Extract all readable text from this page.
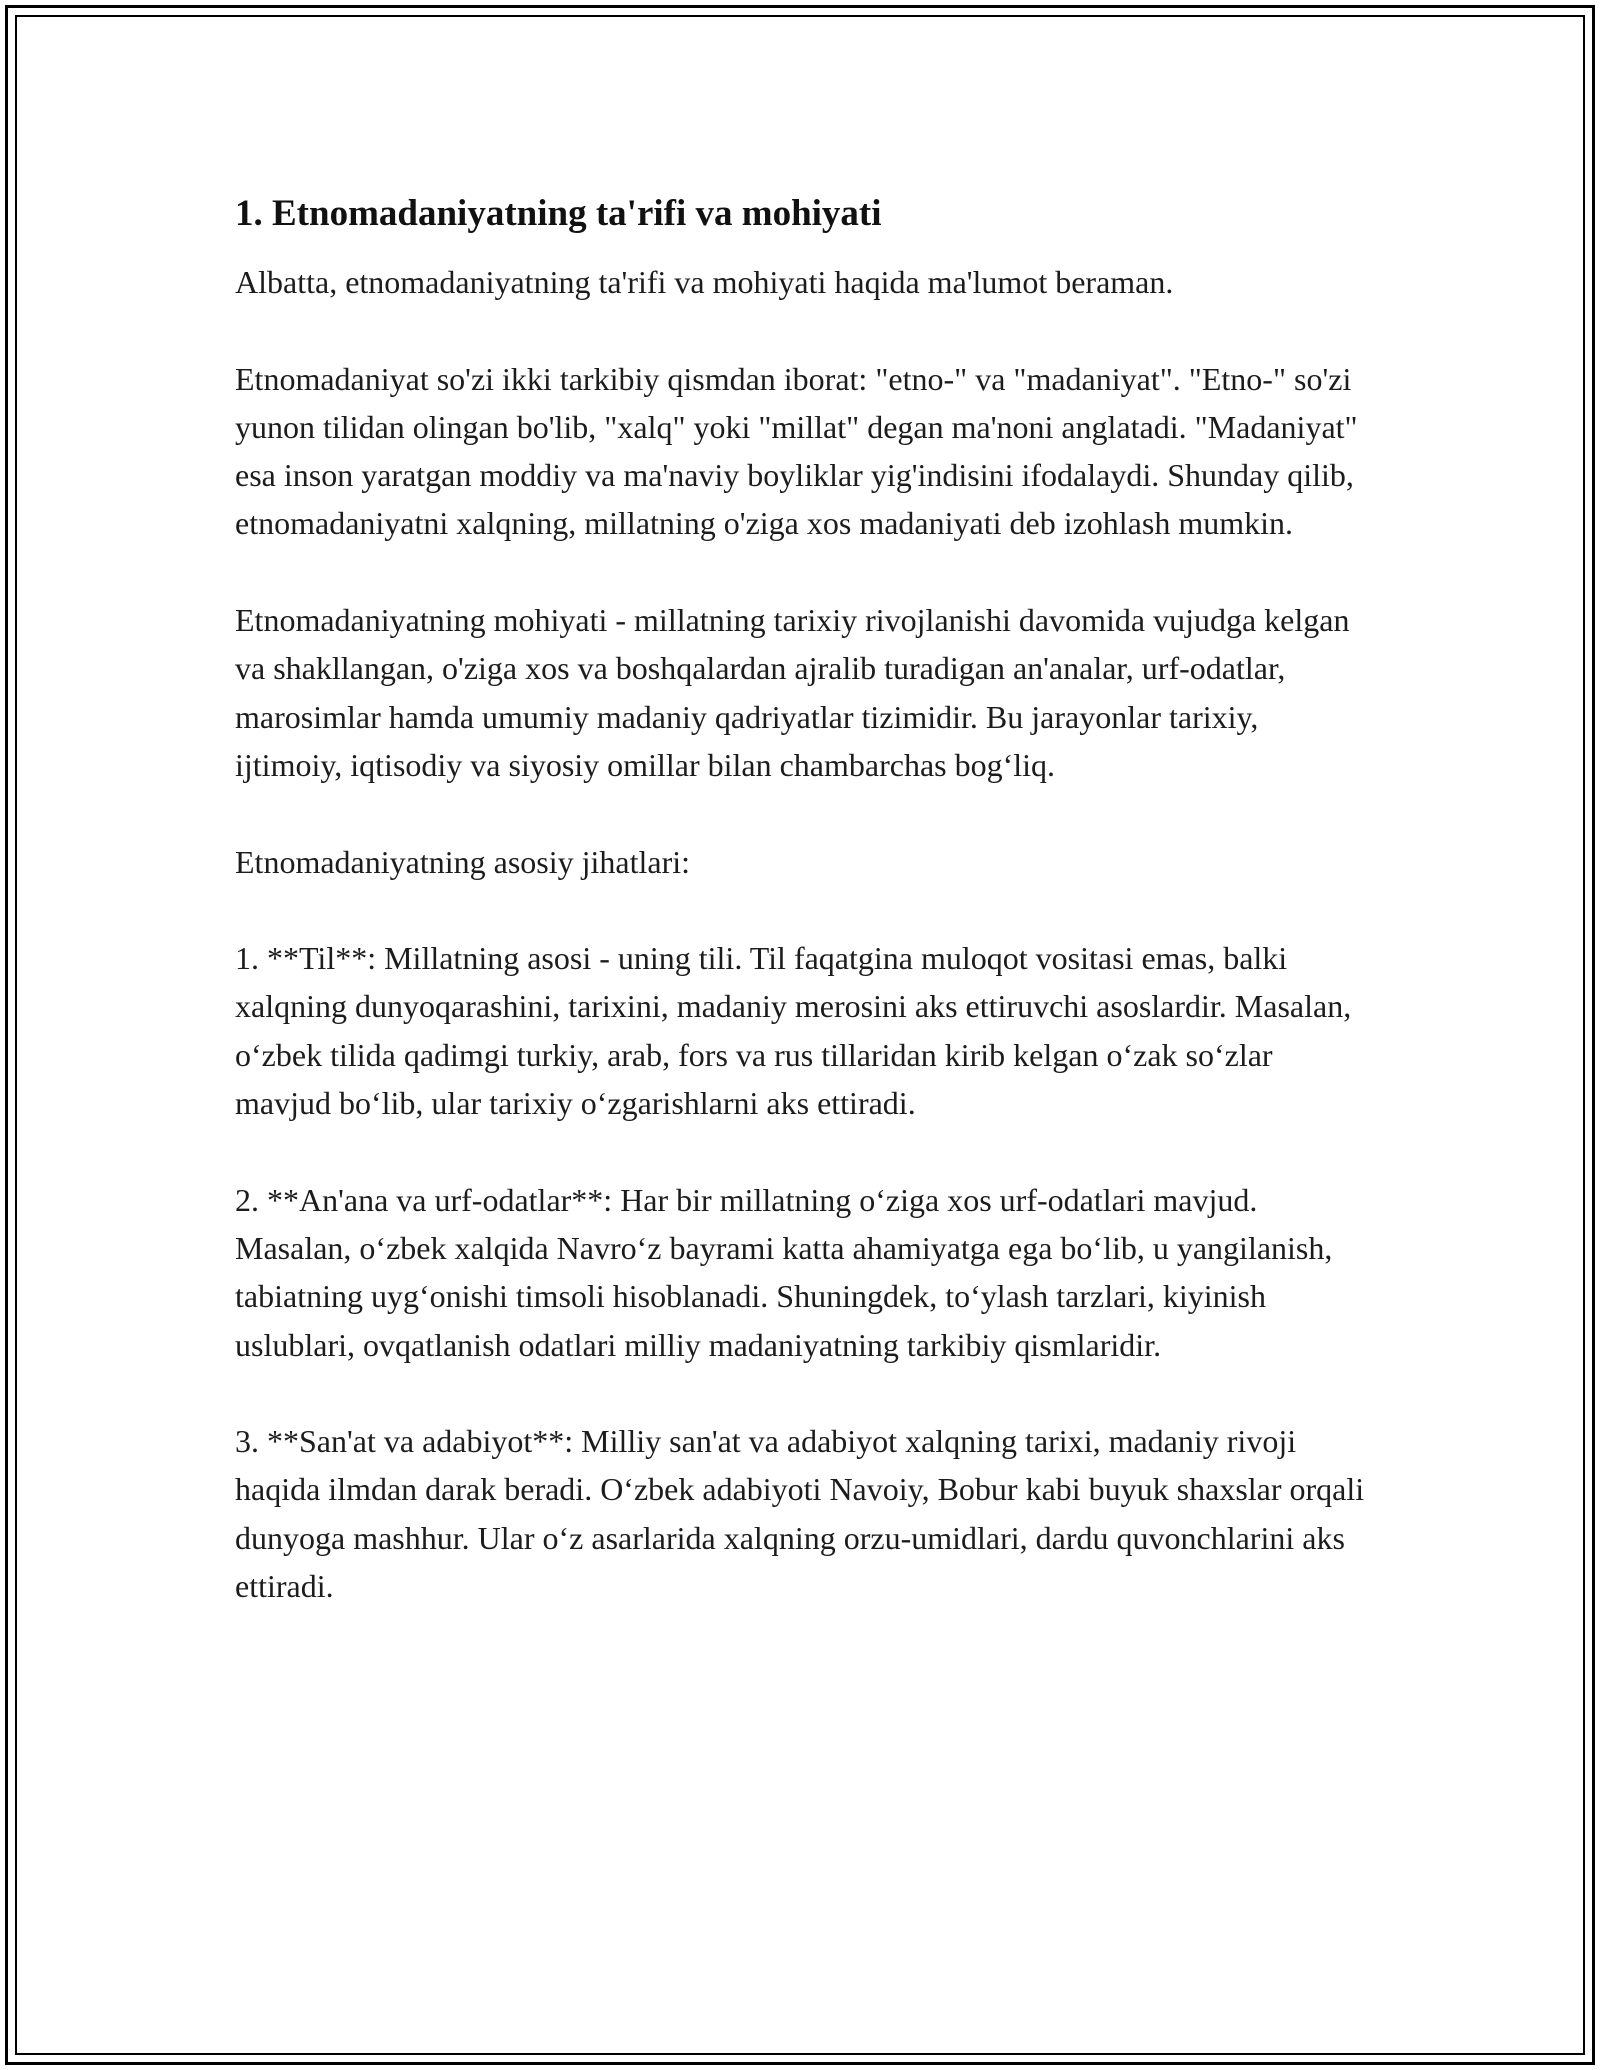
1. Etnomadaniyatning ta'rifi va mohiyati

Albatta, etnomadaniyatning ta'rifi va mohiyati haqida ma'lumot beraman.

Etnomadaniyat so'zi ikki tarkibiy qismdan iborat: "etno-" va "madaniyat". "Etno-" so'zi yunon tilidan olingan bo'lib, "xalq" yoki "millat" degan ma'noni anglatadi. "Madaniyat" esa inson yaratgan moddiy va ma'naviy boyliklar yig'indisini ifodalaydi. Shunday qilib, etnomadaniyatni xalqning, millatning o'ziga xos madaniyati deb izohlash mumkin.

Etnomadaniyatning mohiyati - millatning tarixiy rivojlanishi davomida vujudga kelgan va shakllangan, o'ziga xos va boshqalardan ajralib turadigan an'analar, urf-odatlar, marosimlar hamda umumiy madaniy qadriyatlar tizimidir. Bu jarayonlar tarixiy, ijtimoiy, iqtisodiy va siyosiy omillar bilan chambarchas bog‘liq.

Etnomadaniyatning asosiy jihatlari:

1. **Til**: Millatning asosi - uning tili. Til faqatgina muloqot vositasi emas, balki xalqning dunyoqarashini, tarixini, madaniy merosini aks ettiruvchi asoslardir. Masalan, o‘zbek tilida qadimgi turkiy, arab, fors va rus tillaridan kirib kelgan o‘zak so‘zlar mavjud bo‘lib, ular tarixiy o‘zgarishlarni aks ettiradi.

2. **An'ana va urf-odatlar**: Har bir millatning o‘ziga xos urf-odatlari mavjud. Masalan, o‘zbek xalqida Navro‘z bayrami katta ahamiyatga ega bo‘lib, u yangilanish, tabiatning uyg‘onishi timsoli hisoblanadi. Shuningdek, to‘ylash tarzlari, kiyinish uslublari, ovqatlanish odatlari milliy madaniyatning tarkibiy qismlaridir.

3. **San'at va adabiyot**: Milliy san'at va adabiyot xalqning tarixi, madaniy rivoji haqida ilmdan darak beradi. O‘zbek adabiyoti Navoiy, Bobur kabi buyuk shaxslar orqali dunyoga mashhur. Ular o‘z asarlarida xalqning orzu-umidlari, dardu quvonchlarini aks ettiradi.
